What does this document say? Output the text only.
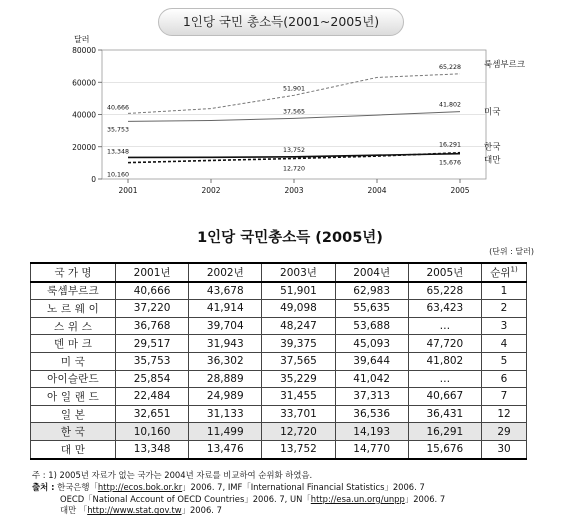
1인당 국민 총소득(2001~2005년)
달러
0
20000
40000
60000
80000
2001	2002	2003	2004	2005
40,666
51,901
65,228	룩셈부르크
35,753
37,565
41,802
미국
10,160
12,720
16,291	한국
13,348	13,752
15,676	대만
1인당 국민총소득 (2005년)
(단위 : 달러)
국 가 명	2001년	2002년	2003년	2004년	2005년	순위$^{1)}$
룩셈부르크	40,666	43,678	51,901	62,983	65,228	1
노 르 웨 이	37,220	41,914	49,098	55,635	63,423	2
스 위 스	36,768	39,704	48,247	53,688	…	3
덴 마 크	29,517	31,943	39,375	45,093	47,720	4
미 국	35,753	36,302	37,565	39,644	41,802	5
아이슬란드	25,854	28,889	35,229	41,042	…	6
아 일 랜 드	22,484	24,989	31,455	37,313	40,667	7
일 본	32,651	31,133	33,701	36,536	36,431	12
한 국	10,160	11,499	12,720	14,193	16,291	29
대 만	13,348	13,476	13,752	14,770	15,676	30
주 : 1) 2005년 자료가 없는 국가는 2004년 자료를 비교하여 순위화 하였음.
출처 : 한국은행「http://ecos.bok.or.kr」2006. 7, IMF「International Financial Statistics」2006. 7
OECD「National Account of OECD Countries」2006. 7, UN「http://esa.un.org/unpp」2006. 7
대만 「http://www.stat.gov.tw」2006. 7
